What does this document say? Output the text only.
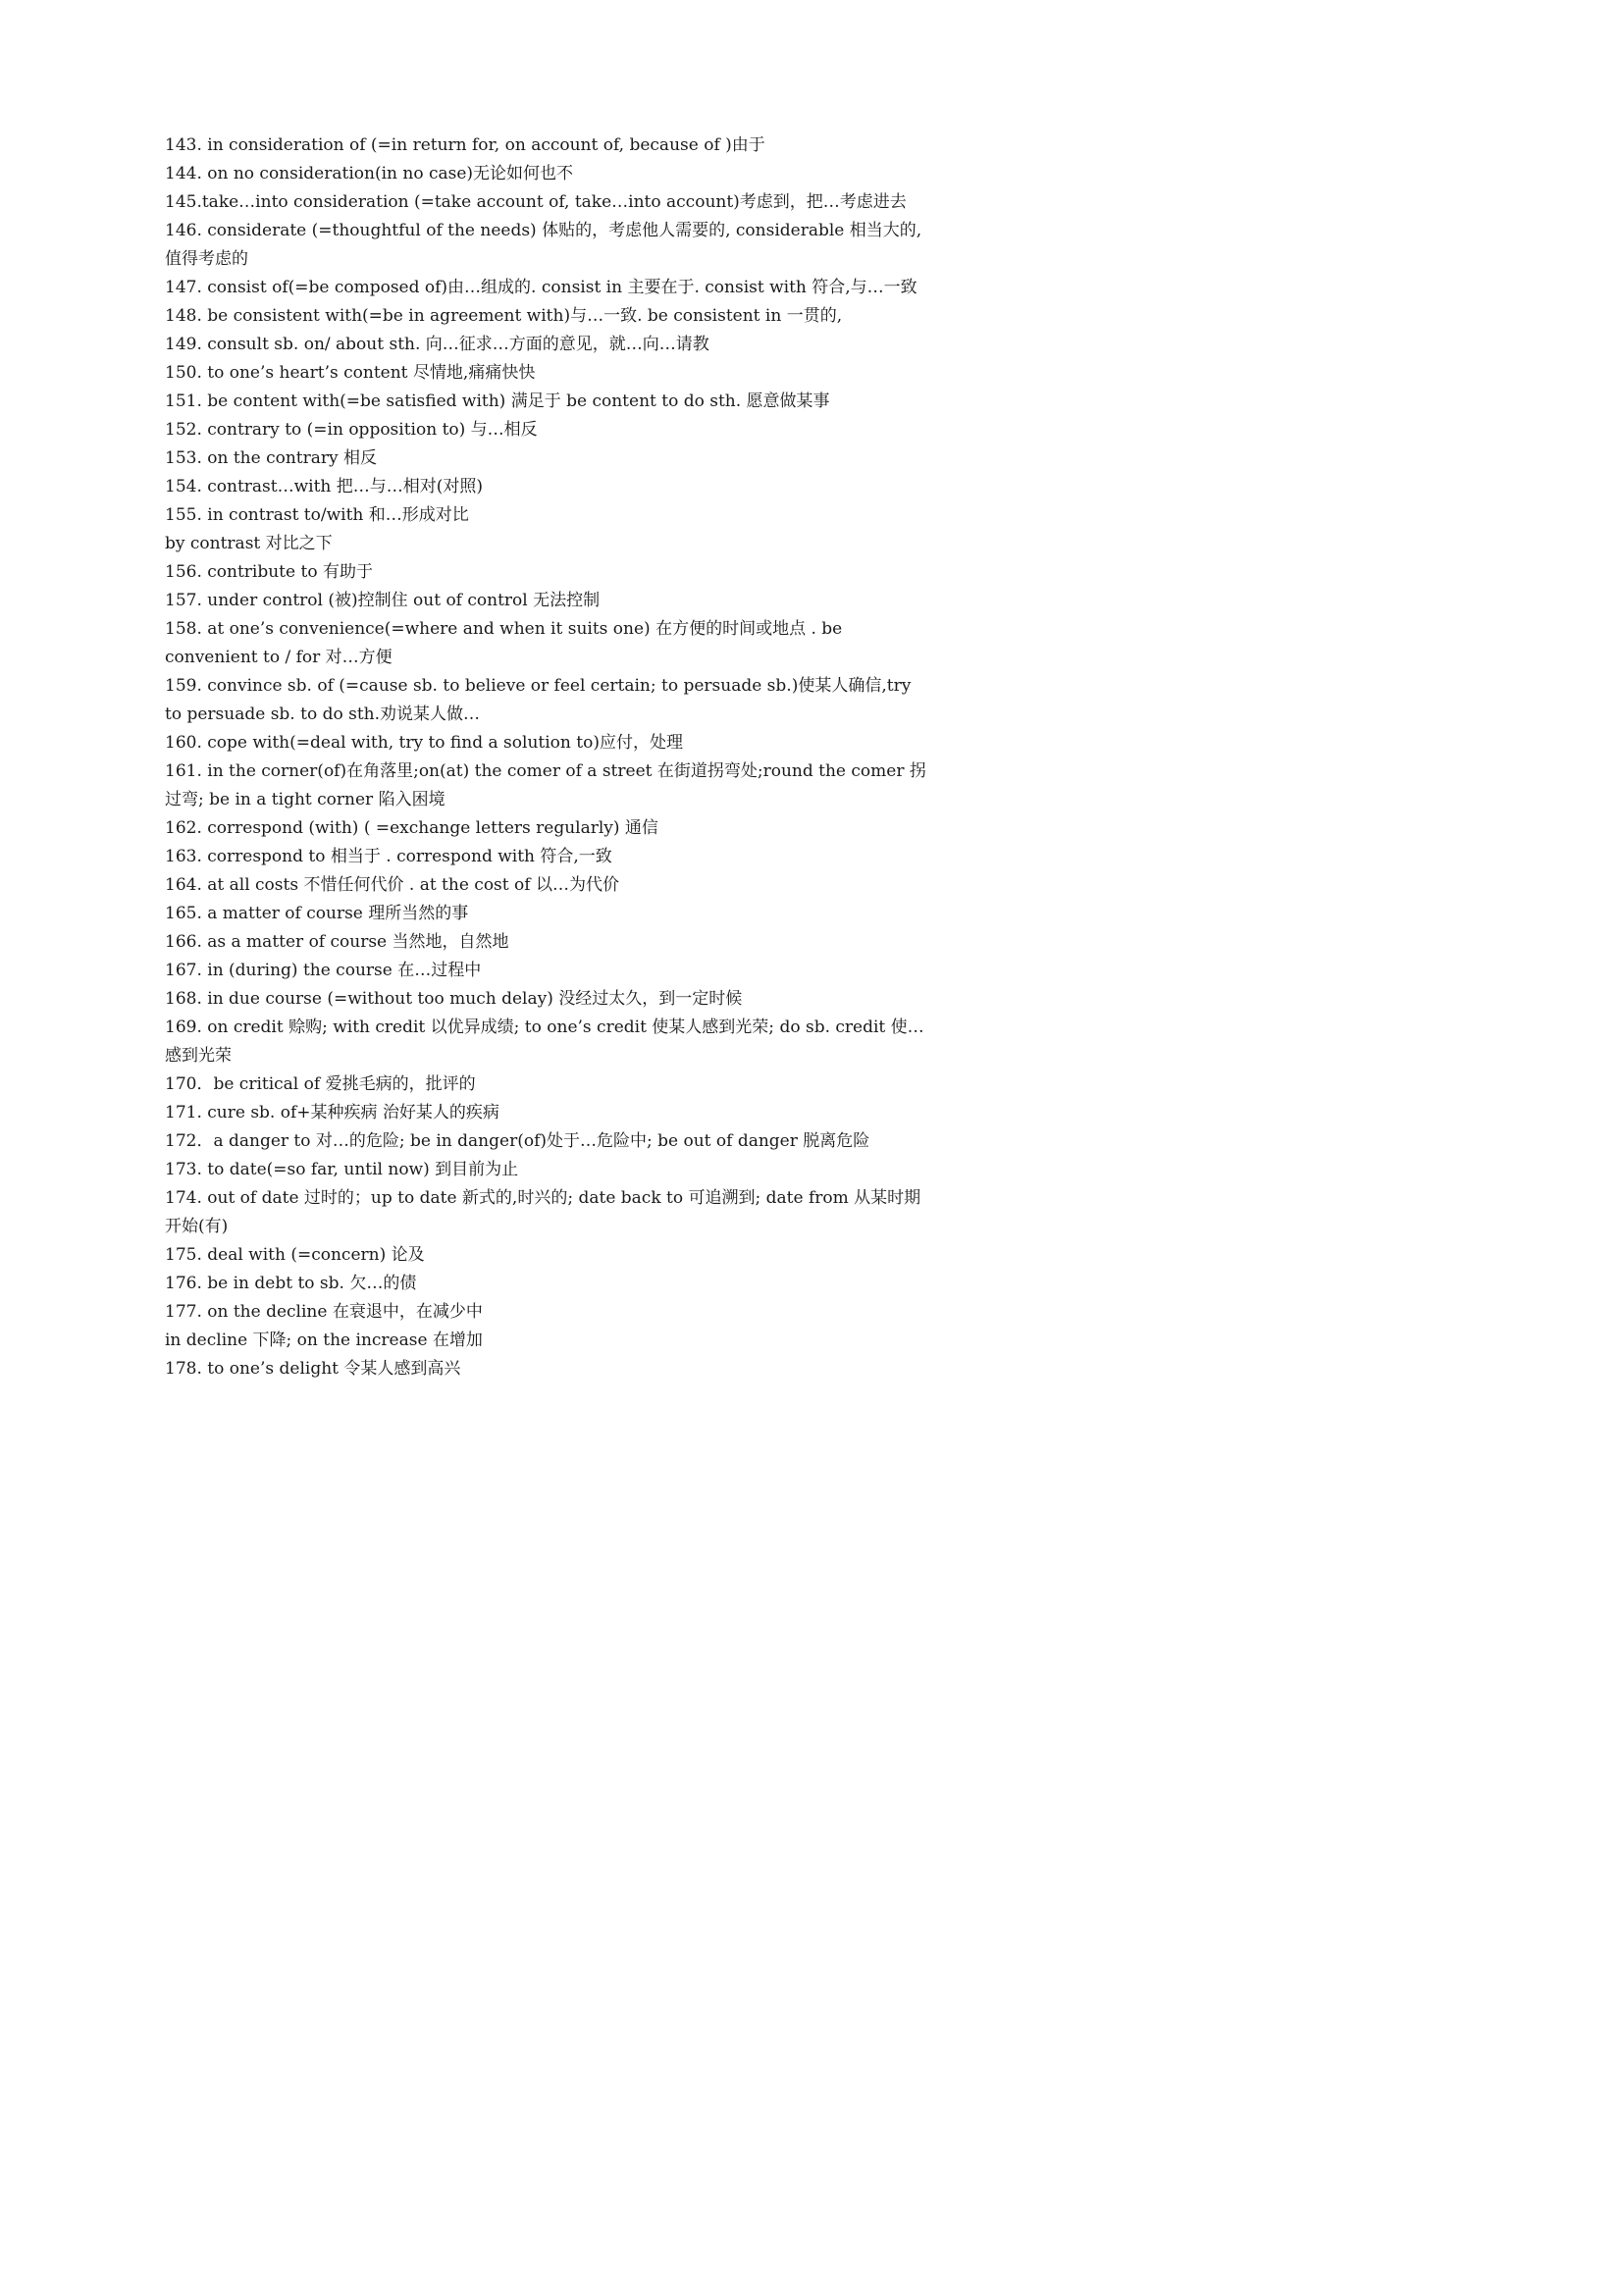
143. in consideration of (=in return for, on account of, because of )由于

144. on no consideration(in no case)无论如何也不

145.take…into consideration (=take account of, take…into account)考虑到，把…考虑进去

146. considerate (=thoughtful of the needs) 体贴的，考虑他人需要的, considerable 相当大的,值得考虑的

147. consist of(=be composed of)由…组成的. consist in 主要在于. consist with 符合,与…一致

148. be consistent with(=be in agreement with)与…一致. be consistent in 一贯的,

149. consult sb. on/ about sth. 向…征求…方面的意见，就…向…请教

150. to one’s heart’s content 尽情地,痛痛快快

151. be content with(=be satisfied with) 满足于 be content to do sth. 愿意做某事

152. contrary to (=in opposition to) 与…相反

153. on the contrary 相反

154. contrast…with 把…与…相对(对照)

155. in contrast to/with 和…形成对比

by contrast 对比之下

156. contribute to 有助于

157. under control (被)控制住 out of control 无法控制

158. at one’s convenience(=where and when it suits one) 在方便的时间或地点 . be convenient to / for 对…方便

159. convince sb. of (=cause sb. to believe or feel certain; to persuade sb.)使某人确信,try to persuade sb. to do sth.劝说某人做…

160. cope with(=deal with, try to find a solution to)应付，处理

161. in the corner(of)在角落里;on(at) the comer of a street 在街道拐弯处;round the comer 拐过弯; be in a tight corner 陷入困境

162. correspond (with) ( =exchange letters regularly) 通信

163. correspond to 相当于 . correspond with 符合,一致

164. at all costs 不惜任何代价 . at the cost of 以…为代价

165. a matter of course 理所当然的事

166. as a matter of course 当然地，自然地

167. in (during) the course 在…过程中

168. in due course (=without too much delay) 没经过太久，到一定时候

169. on credit 赊购; with credit 以优异成绩; to one’s credit 使某人感到光荣; do sb. credit 使…感到光荣

170．be critical of 爱挑毛病的，批评的

171. cure sb. of+某种疾病 治好某人的疾病

172．a danger to 对…的危险; be in danger(of)处于…危险中; be out of danger 脱离危险

173. to date(=so far, until now) 到目前为止

174. out of date 过时的；up to date 新式的,时兴的; date back to 可追溯到; date from 从某时期开始(有)

175. deal with (=concern) 论及

176. be in debt to sb. 欠…的债

177. on the decline 在衰退中，在减少中

in decline 下降; on the increase 在增加

178. to one’s delight 令某人感到高兴
